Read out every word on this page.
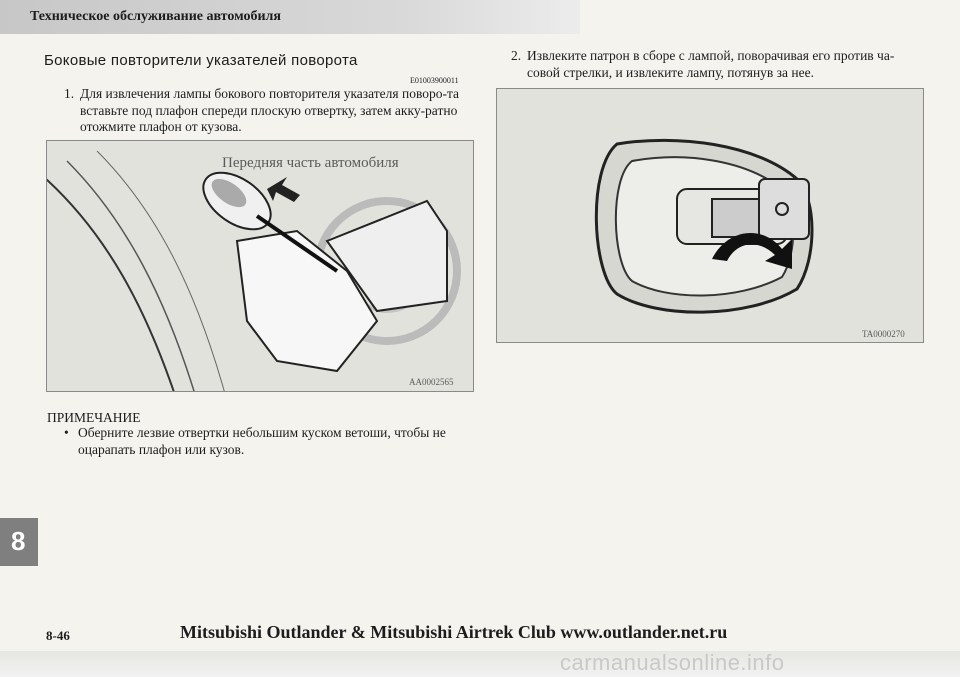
Техническое обслуживание автомобиля
Боковые повторители указателей поворота
E01003900011
1. Для извлечения лампы бокового повторителя указателя поворо-та вставьте под плафон спереди плоскую отвертку, затем акку-ратно отожмите плафон от кузова.
Передняя часть автомобиля
AA0002565
ПРИМЕЧАНИЕ
• Оберните лезвие отвертки небольшим куском ветоши, чтобы не оцарапать плафон или кузов.
2. Извлеките патрон в сборе с лампой, поворачивая его против ча-совой стрелки, и извлеките лампу, потянув за нее.
TA0000270
8
8-46	Mitsubishi Outlander & Mitsubishi Airtrek Club www.outlander.net.ru
carmanualsonline.info
